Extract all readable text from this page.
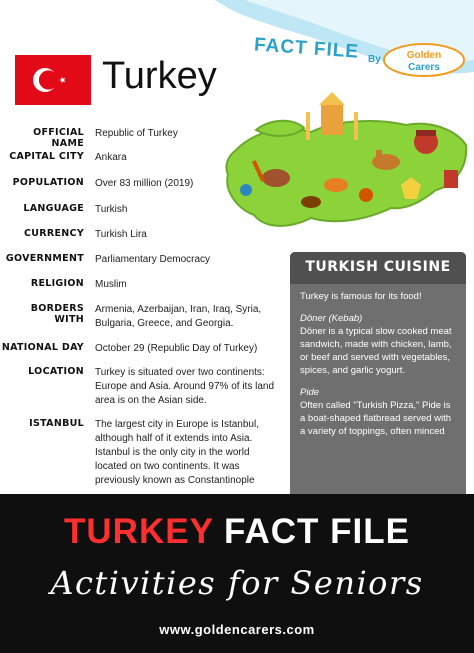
FACT FILE By	Golden
Carers
Turkey
OFFICIAL NAME
Republic of Turkey
CAPITAL CITY Ankara
POPULATION Over 83 million (2019)
LANGUAGE Turkish
CURRENCY Turkish Lira
GOVERNMENT Parliamentary Democracy
RELIGION Muslim
BORDERS WITH
Armenia, Azerbaijan, Iran, Iraq, Syria, Bulgaria, Greece, and Georgia.
NATIONAL DAY October 29 (Republic Day of Turkey)
LOCATION Turkey is situated over two continents: Europe and Asia. Around 97% of its land area is on the Asian side.
ISTANBUL The largest city in Europe is Istanbul, although half of it extends into Asia. Istanbul is the only city in the world located on two continents. It was previously known as Constantinople
TURKISH CUISINE

Turkey is famous for its food!

Döner (Kebab)
Döner is a typical slow cooked meat sandwich, made with chicken, lamb, or beef and served with vegetables, spices, and garlic yogurt.

Pide
Often called "Turkish Pizza," Pide is a boat-shaped flatbread served with a variety of toppings, often minced

TURKEY FACT FILE
Activities for Seniors
www.goldencarers.com
